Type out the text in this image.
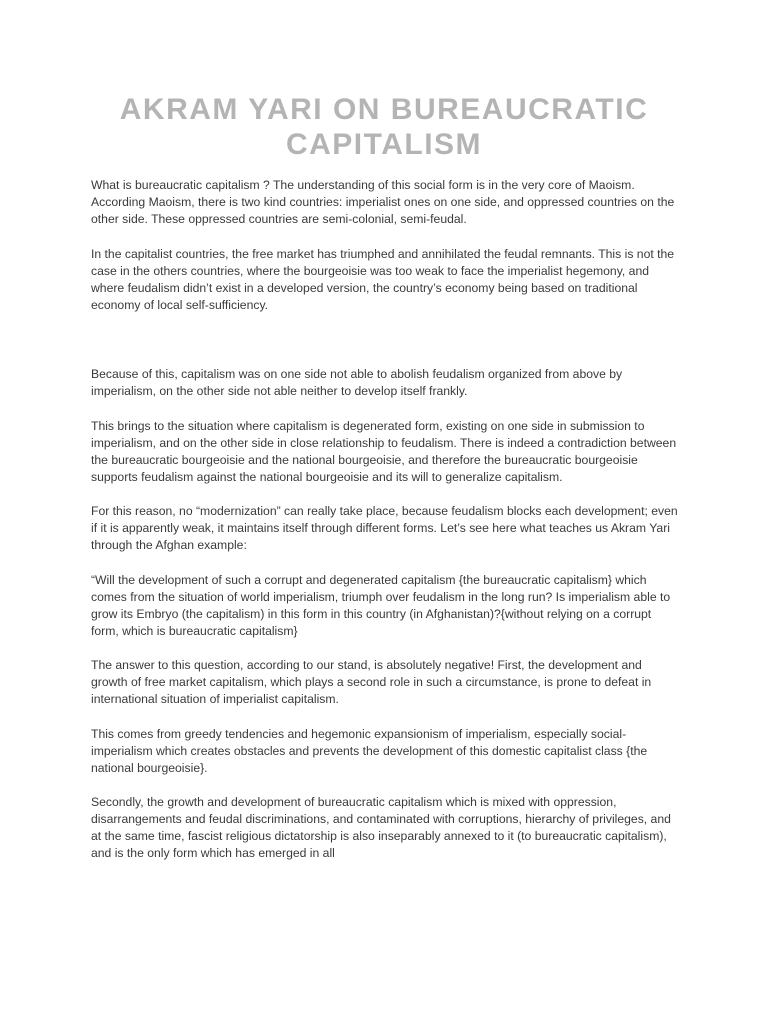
AKRAM YARI ON BUREAUCRATIC CAPITALISM

What is bureaucratic capitalism ? The understanding of this social form is in the very core of Maoism. According Maoism, there is two kind countries: imperialist ones on one side, and oppressed countries on the other side. These oppressed countries are semi-colonial, semi-feudal.

In the capitalist countries, the free market has triumphed and annihilated the feudal remnants. This is not the case in the others countries, where the bourgeoisie was too weak to face the imperialist hegemony, and where feudalism didn’t exist in a developed version, the country’s economy being based on traditional economy of local self-sufficiency.

Because of this, capitalism was on one side not able to abolish feudalism organized from above by imperialism, on the other side not able neither to develop itself frankly.

This brings to the situation where capitalism is degenerated form, existing on one side in submission to imperialism, and on the other side in close relationship to feudalism. There is indeed a contradiction between the bureaucratic bourgeoisie and the national bourgeoisie, and therefore the bureaucratic bourgeoisie supports feudalism against the national bourgeoisie and its will to generalize capitalism.

For this reason, no “modernization” can really take place, because feudalism blocks each development; even if it is apparently weak, it maintains itself through different forms. Let’s see here what teaches us Akram Yari through the Afghan example:

“Will the development of such a corrupt and degenerated capitalism {the bureaucratic capitalism} which comes from the situation of world imperialism, triumph over feudalism in the long run? Is imperialism able to grow its Embryo (the capitalism) in this form in this country (in Afghanistan)?{without relying on a corrupt form, which is bureaucratic capitalism}

The answer to this question, according to our stand, is absolutely negative! First, the development and growth of free market capitalism, which plays a second role in such a circumstance, is prone to defeat in international situation of imperialist capitalism.

This comes from greedy tendencies and hegemonic expansionism of imperialism, especially social-imperialism which creates obstacles and prevents the development of this domestic capitalist class {the national bourgeoisie}.

Secondly, the growth and development of bureaucratic capitalism which is mixed with oppression, disarrangements and feudal discriminations, and contaminated with corruptions, hierarchy of privileges, and at the same time, fascist religious dictatorship is also inseparably annexed to it (to bureaucratic capitalism), and is the only form which has emerged in all
